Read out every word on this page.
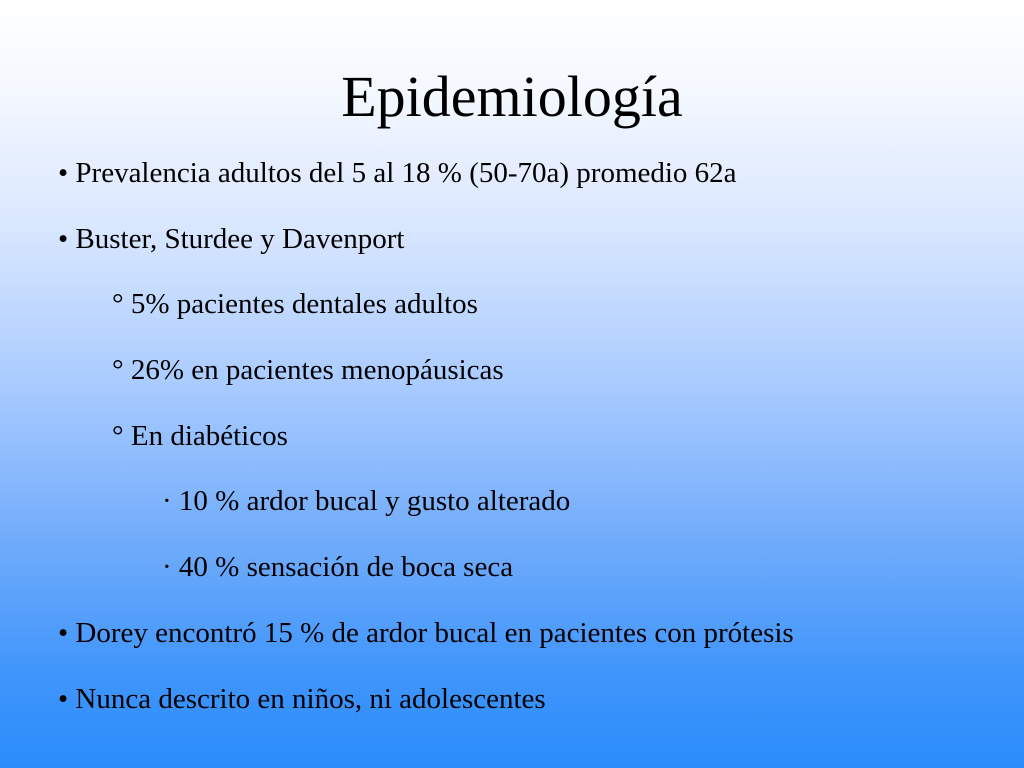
Epidemiología
• Prevalencia adultos del 5 al 18 % (50-70a) promedio 62a
• Buster, Sturdee y Davenport
° 5% pacientes dentales adultos
° 26% en pacientes menopáusicas
° En diabéticos
· 10 % ardor bucal y gusto alterado
· 40 % sensación de boca seca
• Dorey encontró 15 % de ardor bucal en pacientes con prótesis
• Nunca descrito en niños, ni adolescentes
